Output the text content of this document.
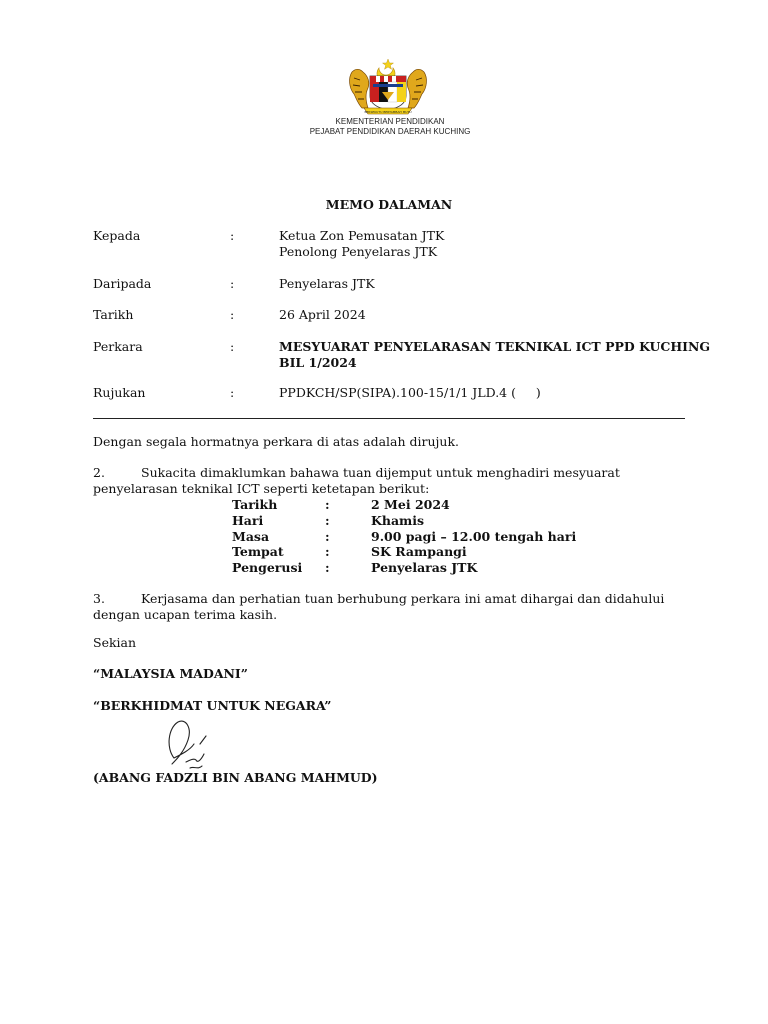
BERSEKUTU BERTAMBAH MUTU
KEMENTERIAN PENDIDIKAN
PEJABAT PENDIDIKAN DAERAH KUCHING
MEMO DALAMAN
Kepada	:	Ketua Zon Pemusatan JTK
Penolong Penyelaras JTK
Daripada	:	Penyelaras JTK
Tarikh	:	26 April 2024
Perkara	:	MESYUARAT PENYELARASAN TEKNIKAL ICT PPD KUCHING
BIL 1/2024
Rujukan	:	PPDKCH/SP(SIPA).100-15/1/1 JLD.4 (     )
Dengan segala hormatnya perkara di atas adalah dirujuk.
2.	Sukacita dimaklumkan bahawa tuan dijemput untuk menghadiri mesyuarat penyelarasan teknikal ICT seperti ketetapan berikut:
Tarikh	:	2 Mei 2024
Hari	:	Khamis
Masa	:	9.00 pagi – 12.00 tengah hari
Tempat	:	SK Rampangi
Pengerusi :	Penyelaras JTK
3.	Kerjasama dan perhatian tuan berhubung perkara ini amat dihargai dan didahului dengan ucapan terima kasih.
Sekian
“MALAYSIA MADANI”
“BERKHIDMAT UNTUK NEGARA”
(ABANG FADZLI BIN ABANG MAHMUD)
